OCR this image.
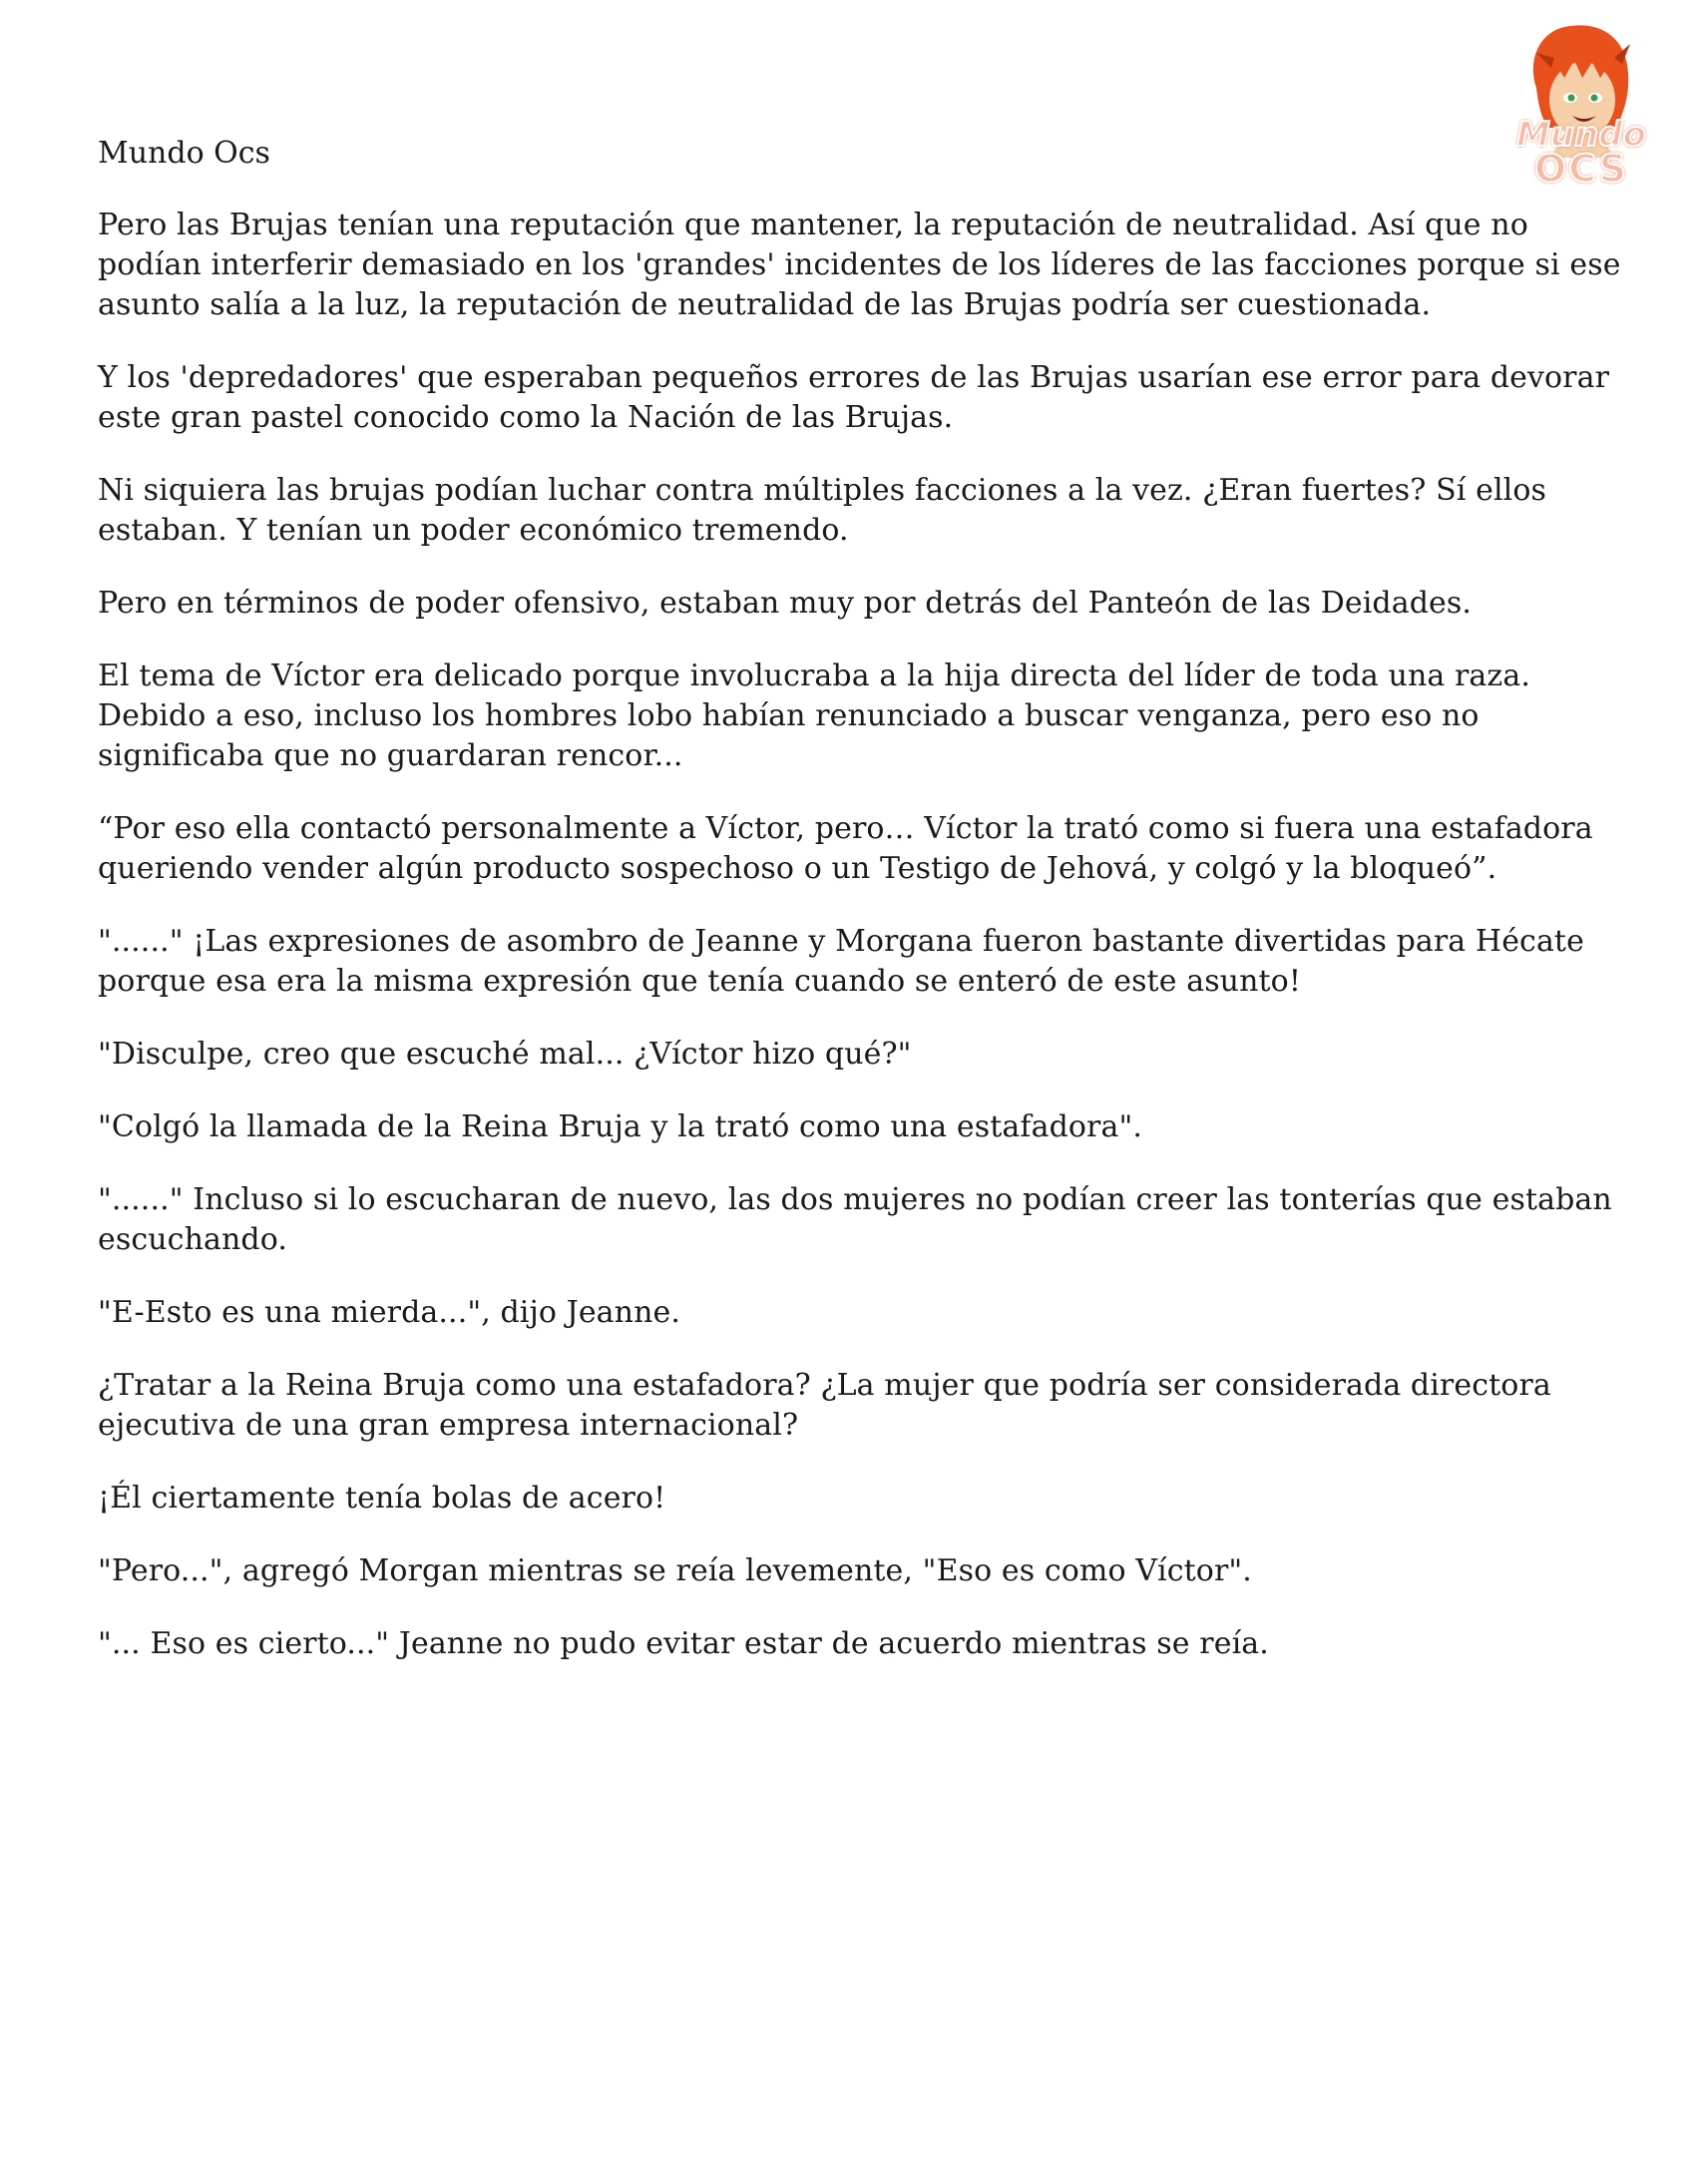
Mundo Ocs	Mundo
OCS

Pero las Brujas tenían una reputación que mantener, la reputación de neutralidad. Así que no podían interferir demasiado en los 'grandes' incidentes de los líderes de las facciones porque si ese asunto salía a la luz, la reputación de neutralidad de las Brujas podría ser cuestionada.

Y los 'depredadores' que esperaban pequeños errores de las Brujas usarían ese error para devorar este gran pastel conocido como la Nación de las Brujas.

Ni siquiera las brujas podían luchar contra múltiples facciones a la vez. ¿Eran fuertes? Sí ellos estaban. Y tenían un poder económico tremendo.

Pero en términos de poder ofensivo, estaban muy por detrás del Panteón de las Deidades.

El tema de Víctor era delicado porque involucraba a la hija directa del líder de toda una raza. Debido a eso, incluso los hombres lobo habían renunciado a buscar venganza, pero eso no significaba que no guardaran rencor...

“Por eso ella contactó personalmente a Víctor, pero… Víctor la trató como si fuera una estafadora queriendo vender algún producto sospechoso o un Testigo de Jehová, y colgó y la bloqueó”.

"......" ¡Las expresiones de asombro de Jeanne y Morgana fueron bastante divertidas para Hécate porque esa era la misma expresión que tenía cuando se enteró de este asunto!

"Disculpe, creo que escuché mal... ¿Víctor hizo qué?"

"Colgó la llamada de la Reina Bruja y la trató como una estafadora".

"......" Incluso si lo escucharan de nuevo, las dos mujeres no podían creer las tonterías que estaban escuchando.

"E-Esto es una mierda...", dijo Jeanne.

¿Tratar a la Reina Bruja como una estafadora? ¿La mujer que podría ser considerada directora ejecutiva de una gran empresa internacional?

¡Él ciertamente tenía bolas de acero!

"Pero...", agregó Morgan mientras se reía levemente, "Eso es como Víctor".

"... Eso es cierto..." Jeanne no pudo evitar estar de acuerdo mientras se reía.
